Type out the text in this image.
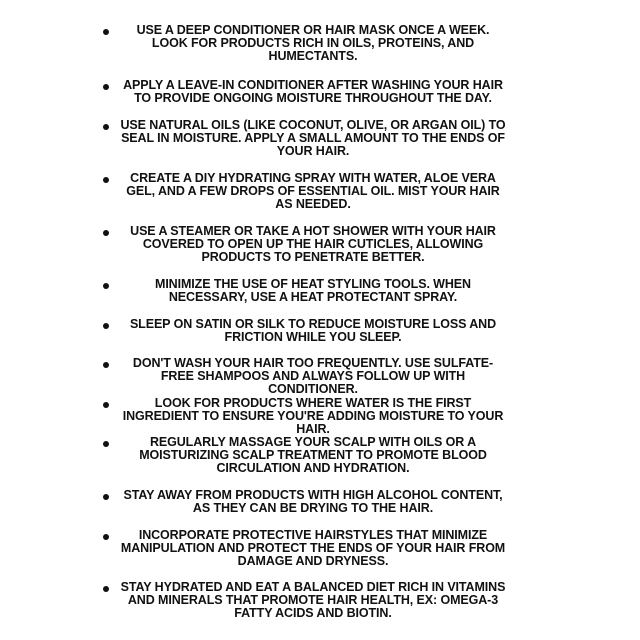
USE A DEEP CONDITIONER OR HAIR MASK ONCE A WEEK. LOOK FOR PRODUCTS RICH IN OILS, PROTEINS, AND HUMECTANTS.

APPLY A LEAVE-IN CONDITIONER AFTER WASHING YOUR HAIR TO PROVIDE ONGOING MOISTURE THROUGHOUT THE DAY.

USE NATURAL OILS (LIKE COCONUT, OLIVE, OR ARGAN OIL) TO SEAL IN MOISTURE. APPLY A SMALL AMOUNT TO THE ENDS OF YOUR HAIR.

CREATE A DIY HYDRATING SPRAY WITH WATER, ALOE VERA GEL, AND A FEW DROPS OF ESSENTIAL OIL. MIST YOUR HAIR AS NEEDED.

USE A STEAMER OR TAKE A HOT SHOWER WITH YOUR HAIR COVERED TO OPEN UP THE HAIR CUTICLES, ALLOWING PRODUCTS TO PENETRATE BETTER.

MINIMIZE THE USE OF HEAT STYLING TOOLS. WHEN NECESSARY, USE A HEAT PROTECTANT SPRAY.

SLEEP ON SATIN OR SILK TO REDUCE MOISTURE LOSS AND FRICTION WHILE YOU SLEEP.

DON'T WASH YOUR HAIR TOO FREQUENTLY. USE SULFATE-FREE SHAMPOOS AND ALWAYS FOLLOW UP WITH CONDITIONER.

LOOK FOR PRODUCTS WHERE WATER IS THE FIRST INGREDIENT TO ENSURE YOU'RE ADDING MOISTURE TO YOUR HAIR.

REGULARLY MASSAGE YOUR SCALP WITH OILS OR A MOISTURIZING SCALP TREATMENT TO PROMOTE BLOOD CIRCULATION AND HYDRATION.

STAY AWAY FROM PRODUCTS WITH HIGH ALCOHOL CONTENT, AS THEY CAN BE DRYING TO THE HAIR.

INCORPORATE PROTECTIVE HAIRSTYLES THAT MINIMIZE MANIPULATION AND PROTECT THE ENDS OF YOUR HAIR FROM DAMAGE AND DRYNESS.

STAY HYDRATED AND EAT A BALANCED DIET RICH IN VITAMINS AND MINERALS THAT PROMOTE HAIR HEALTH, EX: OMEGA-3 FATTY ACIDS AND BIOTIN.
